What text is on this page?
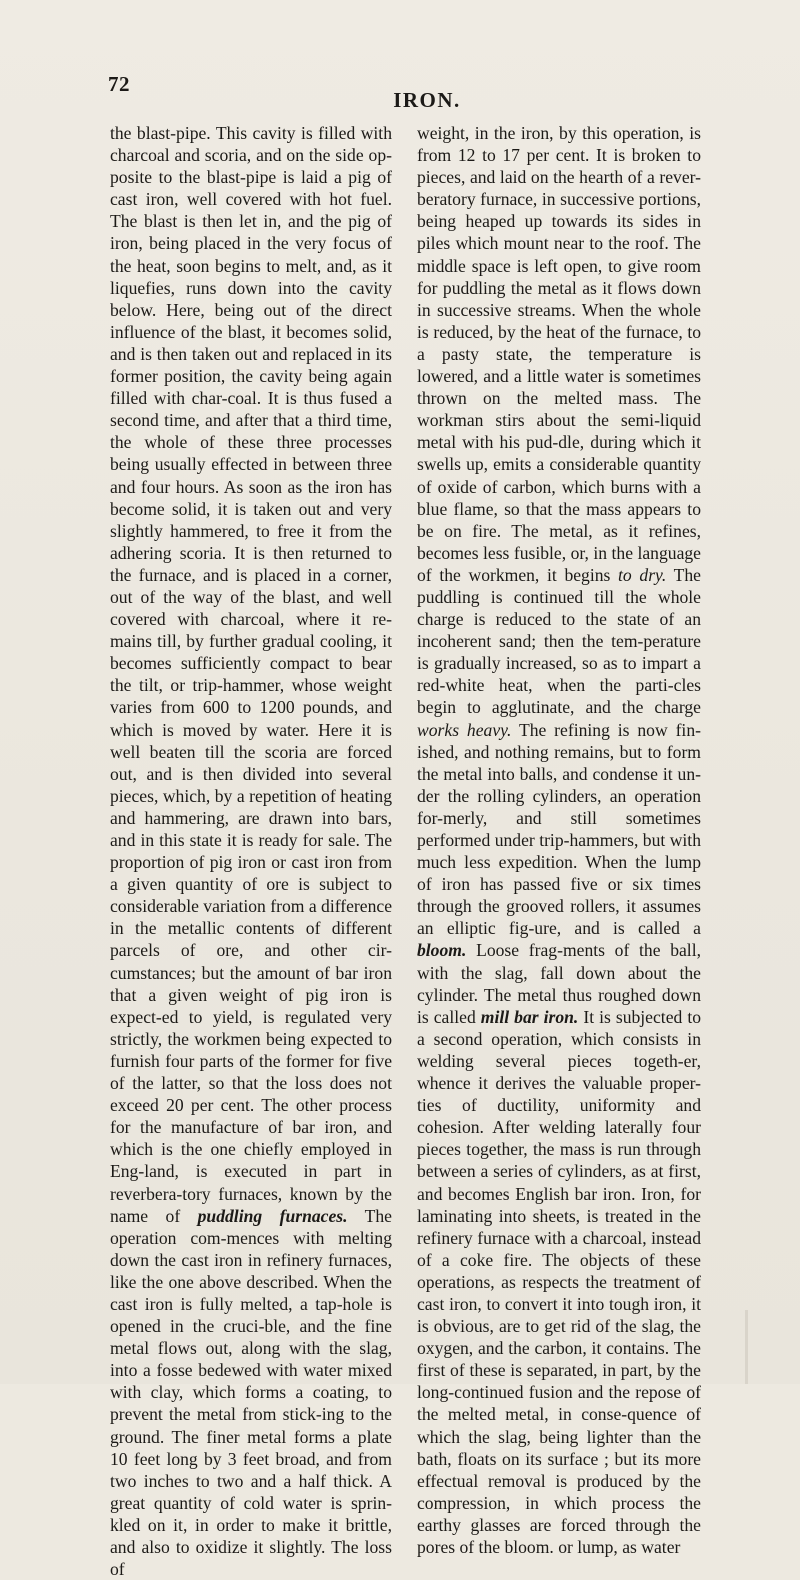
72
IRON.

the blast-pipe. This cavity is filled with charcoal and scoria, and on the side op-posite to the blast-pipe is laid a pig of cast iron, well covered with hot fuel. The blast is then let in, and the pig of iron, being placed in the very focus of the heat, soon begins to melt, and, as it liquefies, runs down into the cavity below. Here, being out of the direct influence of the blast, it becomes solid, and is then taken out and replaced in its former position, the cavity being again filled with char-coal. It is thus fused a second time, and after that a third time, the whole of these three processes being usually effected in between three and four hours. As soon as the iron has become solid, it is taken out and very slightly hammered, to free it from the adhering scoria. It is then returned to the furnace, and is placed in a corner, out of the way of the blast, and well covered with charcoal, where it re-mains till, by further gradual cooling, it becomes sufficiently compact to bear the tilt, or trip-hammer, whose weight varies from 600 to 1200 pounds, and which is moved by water. Here it is well beaten till the scoria are forced out, and is then divided into several pieces, which, by a repetition of heating and hammering, are drawn into bars, and in this state it is ready for sale. The proportion of pig iron or cast iron from a given quantity of ore is subject to considerable variation from a difference in the metallic contents of different parcels of ore, and other cir-cumstances; but the amount of bar iron that a given weight of pig iron is expect-ed to yield, is regulated very strictly, the workmen being expected to furnish four parts of the former for five of the latter, so that the loss does not exceed 20 per cent. The other process for the manufacture of bar iron, and which is the one chiefly employed in Eng-land, is executed in part in reverbera-tory furnaces, known by the name of puddling furnaces. The operation com-mences with melting down the cast iron in refinery furnaces, like the one above described. When the cast iron is fully melted, a tap-hole is opened in the cruci-ble, and the fine metal flows out, along with the slag, into a fosse bedewed with water mixed with clay, which forms a coating, to prevent the metal from stick-ing to the ground. The finer metal forms a plate 10 feet long by 3 feet broad, and from two inches to two and a half thick. A great quantity of cold water is sprin-kled on it, in order to make it brittle, and also to oxidize it slightly. The loss of

weight, in the iron, by this operation, is from 12 to 17 per cent. It is broken to pieces, and laid on the hearth of a rever-beratory furnace, in successive portions, being heaped up towards its sides in piles which mount near to the roof. The middle space is left open, to give room for puddling the metal as it flows down in successive streams. When the whole is reduced, by the heat of the furnace, to a pasty state, the temperature is lowered, and a little water is sometimes thrown on the melted mass. The workman stirs about the semi-liquid metal with his pud-dle, during which it swells up, emits a considerable quantity of oxide of carbon, which burns with a blue flame, so that the mass appears to be on fire. The metal, as it refines, becomes less fusible, or, in the language of the workmen, it begins to dry. The puddling is continued till the whole charge is reduced to the state of an incoherent sand; then the tem-perature is gradually increased, so as to impart a red-white heat, when the parti-cles begin to agglutinate, and the charge works heavy. The refining is now fin-ished, and nothing remains, but to form the metal into balls, and condense it un-der the rolling cylinders, an operation for-merly, and still sometimes performed under trip-hammers, but with much less expedition. When the lump of iron has passed five or six times through the grooved rollers, it assumes an elliptic fig-ure, and is called a bloom. Loose frag-ments of the ball, with the slag, fall down about the cylinder. The metal thus roughed down is called mill bar iron. It is subjected to a second operation, which consists in welding several pieces togeth-er, whence it derives the valuable proper-ties of ductility, uniformity and cohesion. After welding laterally four pieces together, the mass is run through between a series of cylinders, as at first, and becomes English bar iron. Iron, for laminating into sheets, is treated in the refinery furnace with a charcoal, instead of a coke fire. The objects of these operations, as respects the treatment of cast iron, to convert it into tough iron, it is obvious, are to get rid of the slag, the oxygen, and the carbon, it contains. The first of these is separated, in part, by the long-continued fusion and the repose of the melted metal, in conse-quence of which the slag, being lighter than the bath, floats on its surface ; but its more effectual removal is produced by the compression, in which process the earthy glasses are forced through the pores of the bloom. or lump, as water
